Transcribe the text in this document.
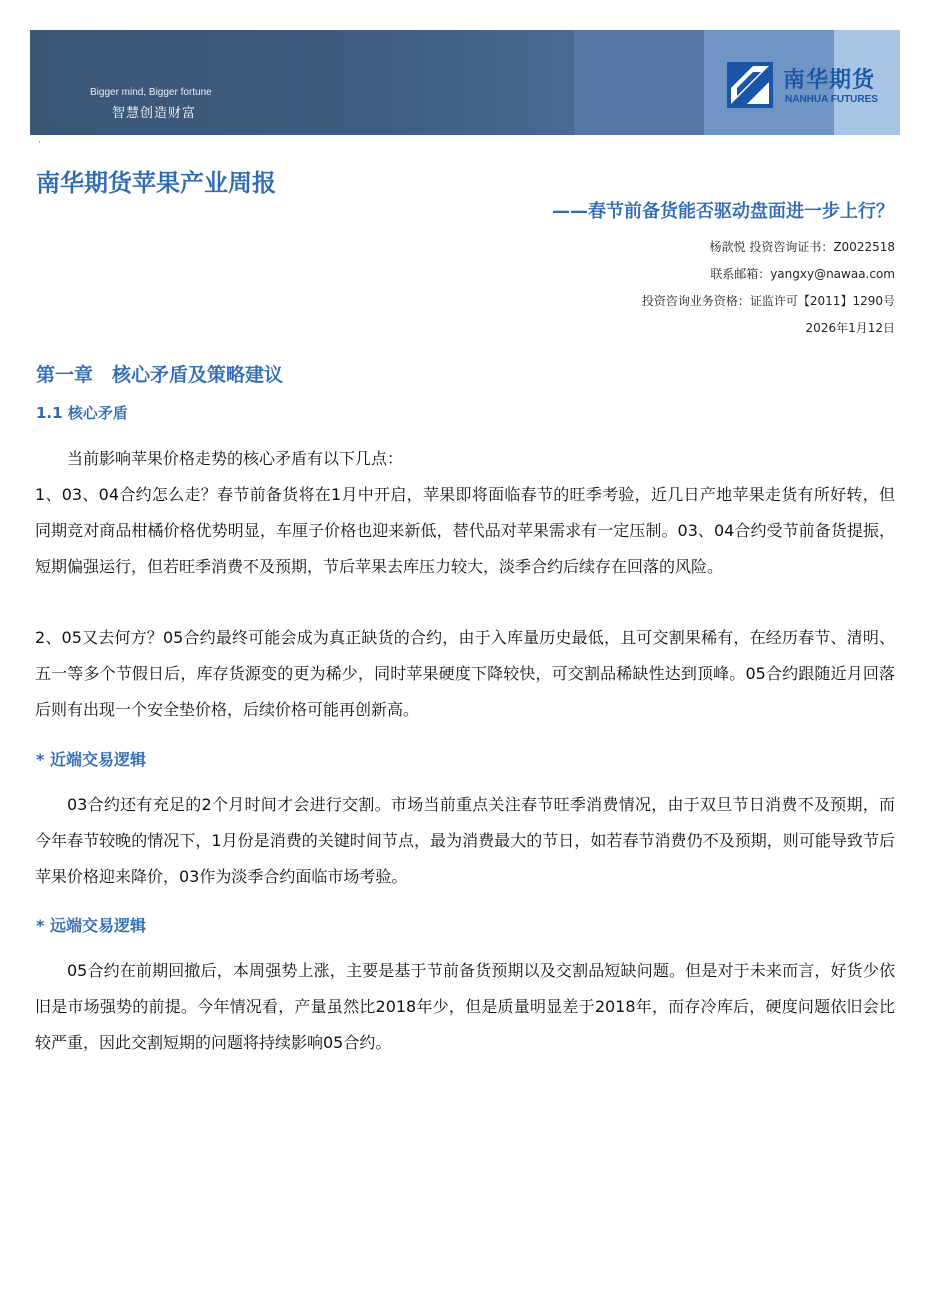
Bigger mind, Bigger fortune
智慧创造财富
南华期货
NANHUA FUTURES
·
南华期货苹果产业周报
——春节前备货能否驱动盘面进一步上行？
杨歆悦 投资咨询证书：Z0022518
联系邮箱：yangxy@nawaa.com
投资咨询业务资格：证监许可【2011】1290号
2026年1月12日
第一章　核心矛盾及策略建议
1.1 核心矛盾
当前影响苹果价格走势的核心矛盾有以下几点：
1、03、04合约怎么走？春节前备货将在1月中开启，苹果即将面临春节的旺季考验，近几日产地苹果走货有所好转，但同期竞对商品柑橘价格优势明显，车厘子价格也迎来新低，替代品对苹果需求有一定压制。03、04合约受节前备货提振，短期偏强运行，但若旺季消费不及预期，节后苹果去库压力较大，淡季合约后续存在回落的风险。
2、05又去何方？05合约最终可能会成为真正缺货的合约，由于入库量历史最低，且可交割果稀有，在经历春节、清明、五一等多个节假日后，库存货源变的更为稀少，同时苹果硬度下降较快，可交割品稀缺性达到顶峰。05合约跟随近月回落后则有出现一个安全垫价格，后续价格可能再创新高。
* 近端交易逻辑
03合约还有充足的2个月时间才会进行交割。市场当前重点关注春节旺季消费情况，由于双旦节日消费不及预期，而今年春节较晚的情况下，1月份是消费的关键时间节点，最为消费最大的节日，如若春节消费仍不及预期，则可能导致节后苹果价格迎来降价，03作为淡季合约面临市场考验。
* 远端交易逻辑
05合约在前期回撤后，本周强势上涨，主要是基于节前备货预期以及交割品短缺问题。但是对于未来而言，好货少依旧是市场强势的前提。今年情况看，产量虽然比2018年少，但是质量明显差于2018年，而存冷库后，硬度问题依旧会比较严重，因此交割短期的问题将持续影响05合约。
